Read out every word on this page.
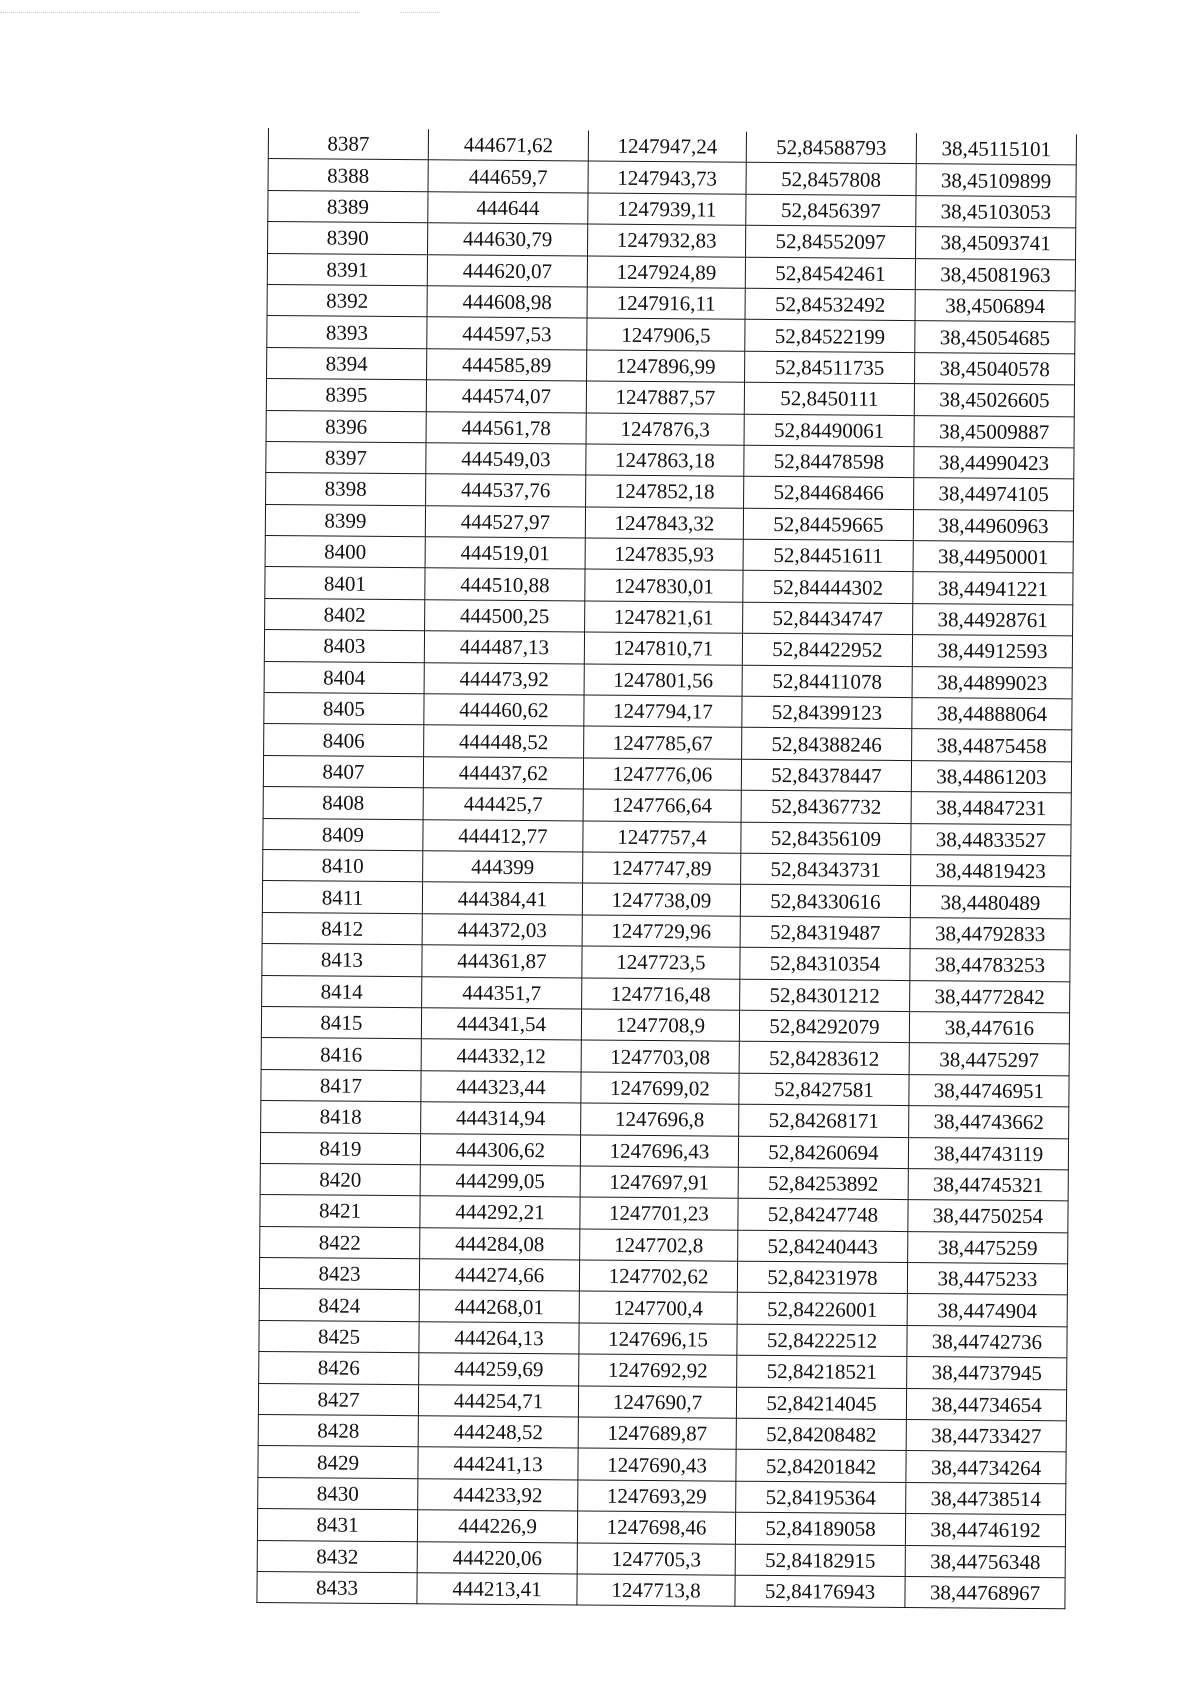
8387	444671,62	1247947,24	52,84588793	38,45115101
8388	444659,7	1247943,73	52,8457808	38,45109899
8389	444644	1247939,11	52,8456397	38,45103053
8390	444630,79	1247932,83	52,84552097	38,45093741
8391	444620,07	1247924,89	52,84542461	38,45081963
8392	444608,98	1247916,11	52,84532492	38,4506894
8393	444597,53	1247906,5	52,84522199	38,45054685
8394	444585,89	1247896,99	52,84511735	38,45040578
8395	444574,07	1247887,57	52,8450111	38,45026605
8396	444561,78	1247876,3	52,84490061	38,45009887
8397	444549,03	1247863,18	52,84478598	38,44990423
8398	444537,76	1247852,18	52,84468466	38,44974105
8399	444527,97	1247843,32	52,84459665	38,44960963
8400	444519,01	1247835,93	52,84451611	38,44950001
8401	444510,88	1247830,01	52,84444302	38,44941221
8402	444500,25	1247821,61	52,84434747	38,44928761
8403	444487,13	1247810,71	52,84422952	38,44912593
8404	444473,92	1247801,56	52,84411078	38,44899023
8405	444460,62	1247794,17	52,84399123	38,44888064
8406	444448,52	1247785,67	52,84388246	38,44875458
8407	444437,62	1247776,06	52,84378447	38,44861203
8408	444425,7	1247766,64	52,84367732	38,44847231
8409	444412,77	1247757,4	52,84356109	38,44833527
8410	444399	1247747,89	52,84343731	38,44819423
8411	444384,41	1247738,09	52,84330616	38,4480489
8412	444372,03	1247729,96	52,84319487	38,44792833
8413	444361,87	1247723,5	52,84310354	38,44783253
8414	444351,7	1247716,48	52,84301212	38,44772842
8415	444341,54	1247708,9	52,84292079	38,447616
8416	444332,12	1247703,08	52,84283612	38,4475297
8417	444323,44	1247699,02	52,8427581	38,44746951
8418	444314,94	1247696,8	52,84268171	38,44743662
8419	444306,62	1247696,43	52,84260694	38,44743119
8420	444299,05	1247697,91	52,84253892	38,44745321
8421	444292,21	1247701,23	52,84247748	38,44750254
8422	444284,08	1247702,8	52,84240443	38,4475259
8423	444274,66	1247702,62	52,84231978	38,4475233
8424	444268,01	1247700,4	52,84226001	38,4474904
8425	444264,13	1247696,15	52,84222512	38,44742736
8426	444259,69	1247692,92	52,84218521	38,44737945
8427	444254,71	1247690,7	52,84214045	38,44734654
8428	444248,52	1247689,87	52,84208482	38,44733427
8429	444241,13	1247690,43	52,84201842	38,44734264
8430	444233,92	1247693,29	52,84195364	38,44738514
8431	444226,9	1247698,46	52,84189058	38,44746192
8432	444220,06	1247705,3	52,84182915	38,44756348
8433	444213,41	1247713,8	52,84176943	38,44768967
